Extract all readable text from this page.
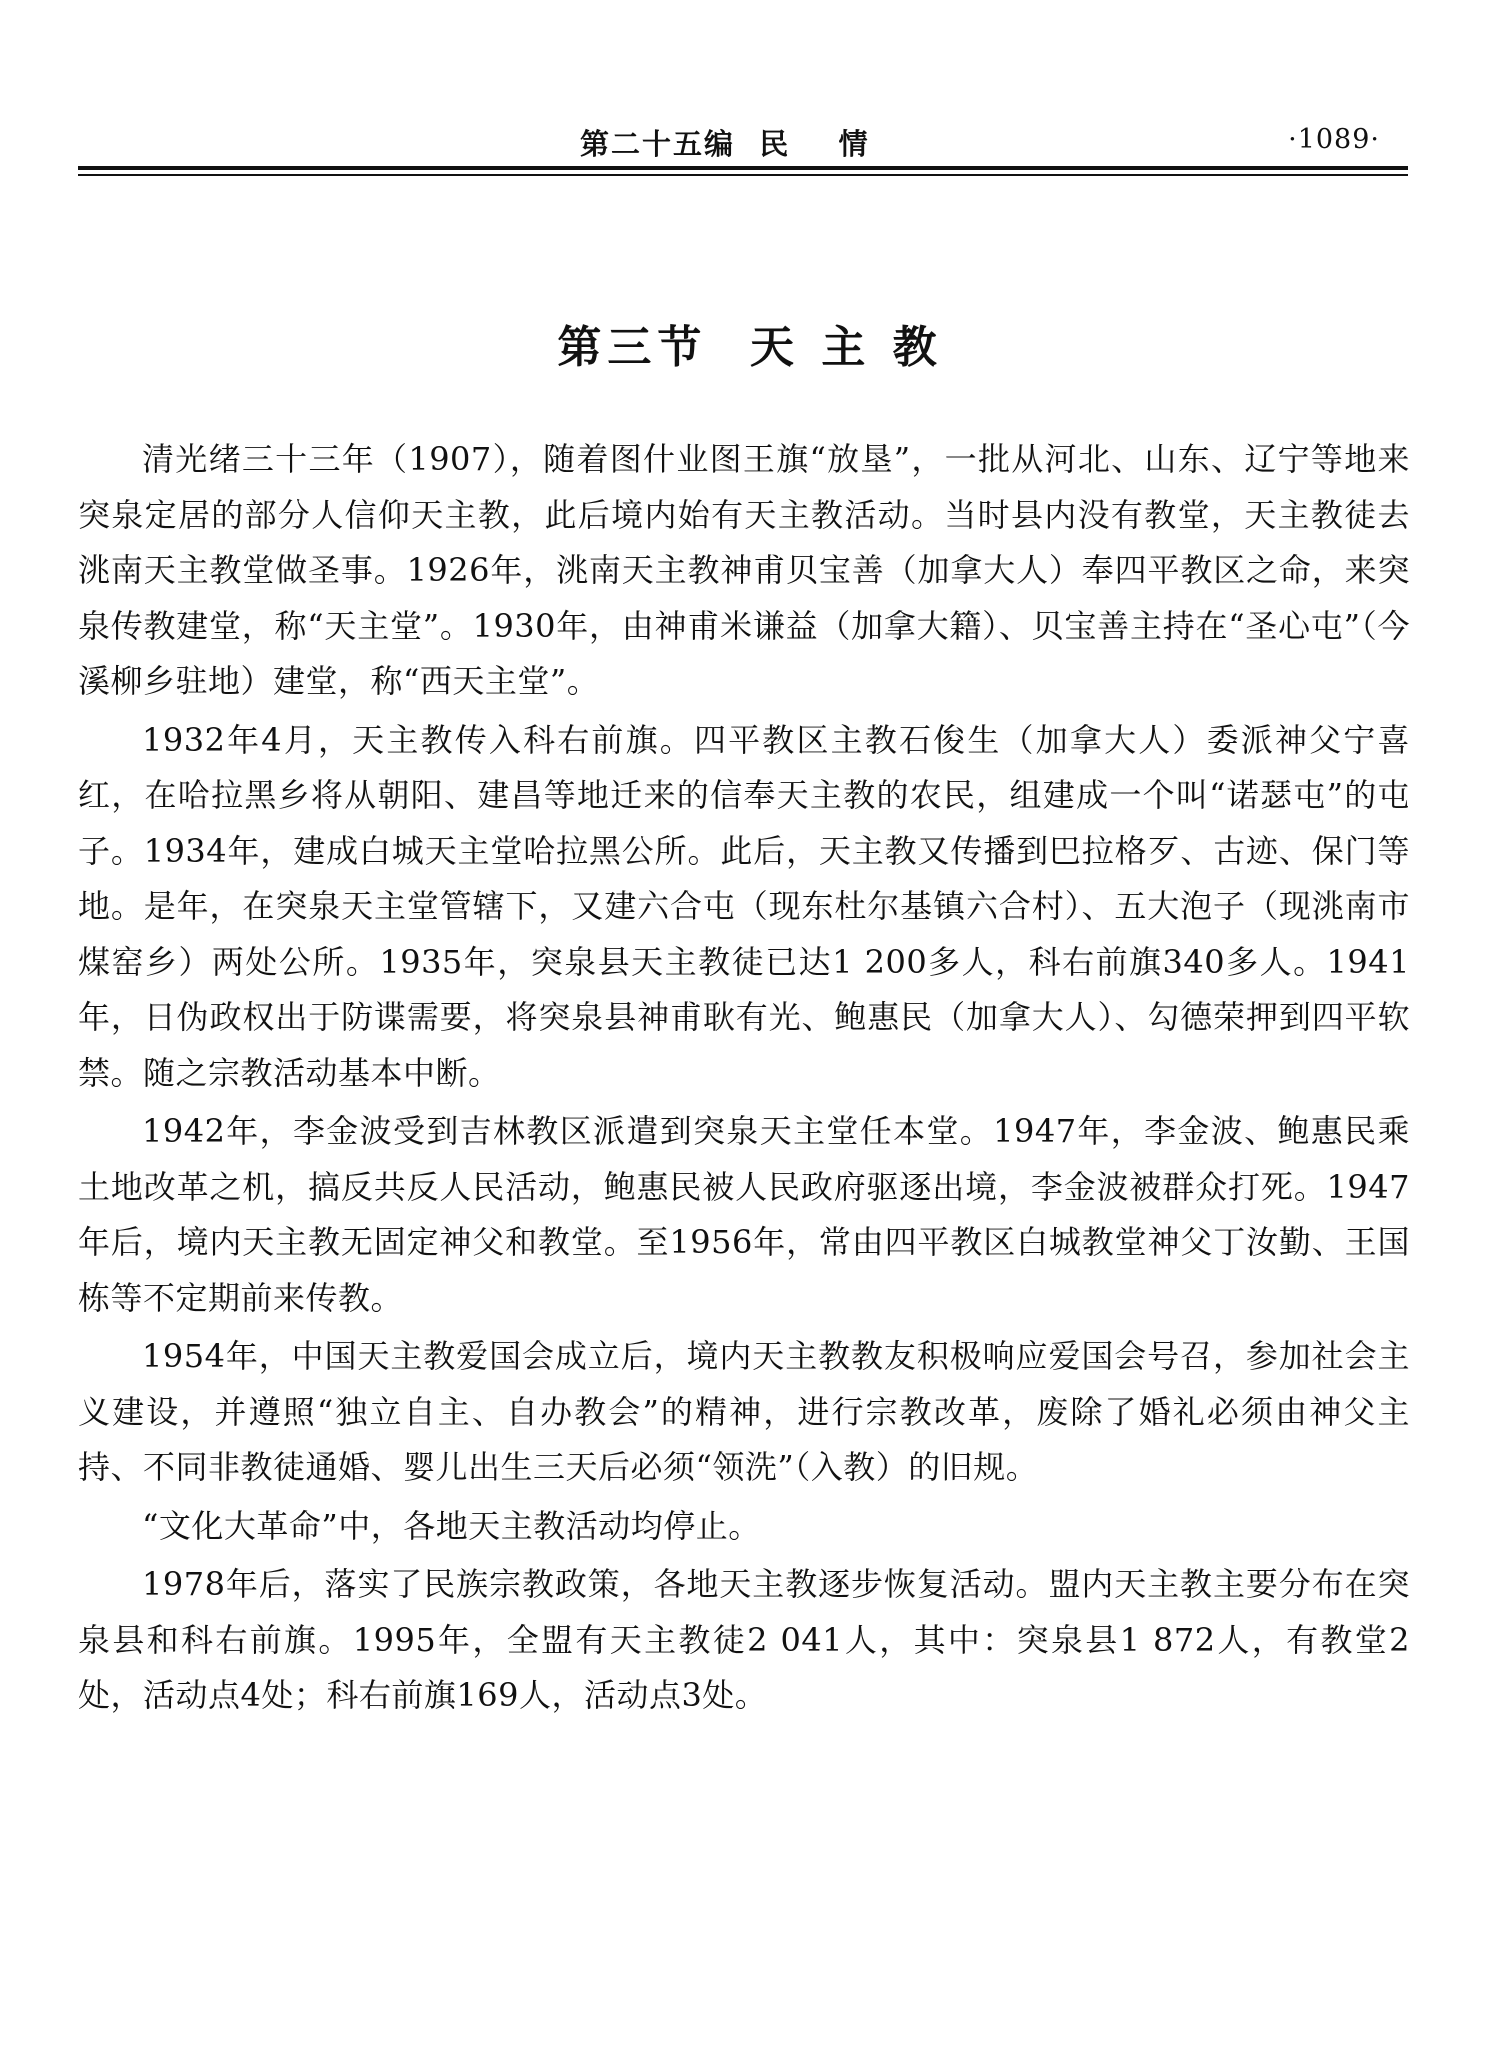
第二十五编  民    情	·1089·
第三节  天 主 教

清光绪三十三年（1907），随着图什业图王旗“放垦”，一批从河北、山东、辽宁等地来突泉定居的部分人信仰天主教，此后境内始有天主教活动。当时县内没有教堂，天主教徒去洮南天主教堂做圣事。1926年，洮南天主教神甫贝宝善（加拿大人）奉四平教区之命，来突泉传教建堂，称“天主堂”。1930年，由神甫米谦益（加拿大籍）、贝宝善主持在“圣心屯”（今溪柳乡驻地）建堂，称“西天主堂”。

1932年4月，天主教传入科右前旗。四平教区主教石俊生（加拿大人）委派神父宁喜红，在哈拉黑乡将从朝阳、建昌等地迁来的信奉天主教的农民，组建成一个叫“诺瑟屯”的屯子。1934年，建成白城天主堂哈拉黑公所。此后，天主教又传播到巴拉格歹、古迹、保门等地。是年，在突泉天主堂管辖下，又建六合屯（现东杜尔基镇六合村）、五大泡子（现洮南市煤窑乡）两处公所。1935年，突泉县天主教徒已达1 200多人，科右前旗340多人。1941年，日伪政权出于防谍需要，将突泉县神甫耿有光、鲍惠民（加拿大人）、勾德荣押到四平软禁。随之宗教活动基本中断。

1942年，李金波受到吉林教区派遣到突泉天主堂任本堂。1947年，李金波、鲍惠民乘土地改革之机，搞反共反人民活动，鲍惠民被人民政府驱逐出境，李金波被群众打死。1947年后，境内天主教无固定神父和教堂。至1956年，常由四平教区白城教堂神父丁汝勤、王国栋等不定期前来传教。

1954年，中国天主教爱国会成立后，境内天主教教友积极响应爱国会号召，参加社会主义建设，并遵照“独立自主、自办教会”的精神，进行宗教改革，废除了婚礼必须由神父主持、不同非教徒通婚、婴儿出生三天后必须“领洗”（入教）的旧规。

“文化大革命”中，各地天主教活动均停止。

1978年后，落实了民族宗教政策，各地天主教逐步恢复活动。盟内天主教主要分布在突泉县和科右前旗。1995年，全盟有天主教徒2 041人，其中：突泉县1 872人，有教堂2处，活动点4处；科右前旗169人，活动点3处。
